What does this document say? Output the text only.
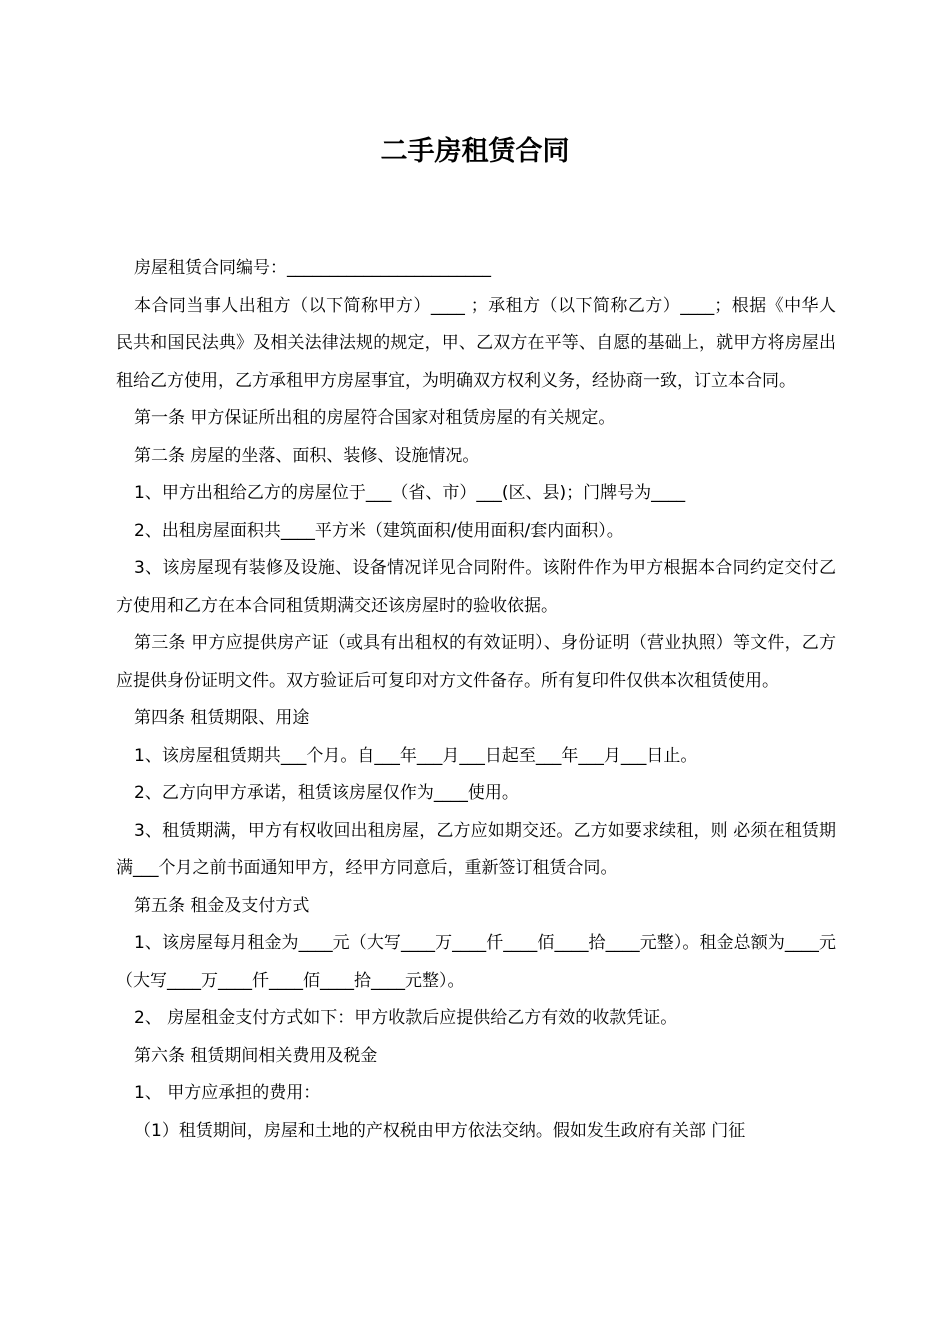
二手房租赁合同

房屋租赁合同编号：________________________

本合同当事人出租方（以下简称甲方）____ ；承租方（以下简称乙方）____；根据《中华人民共和国民法典》及相关法律法规的规定，甲、乙双方在平等、自愿的基础上，就甲方将房屋出租给乙方使用，乙方承租甲方房屋事宜，为明确双方权利义务，经协商一致，订立本合同。

第一条 甲方保证所出租的房屋符合国家对租赁房屋的有关规定。

第二条 房屋的坐落、面积、装修、设施情况。

1、甲方出租给乙方的房屋位于___（省、市）___(区、县)；门牌号为____

2、出租房屋面积共____平方米（建筑面积/使用面积/套内面积）。

3、该房屋现有装修及设施、设备情况详见合同附件。该附件作为甲方根据本合同约定交付乙方使用和乙方在本合同租赁期满交还该房屋时的验收依据。

第三条 甲方应提供房产证（或具有出租权的有效证明）、身份证明（营业执照）等文件，乙方应提供身份证明文件。双方验证后可复印对方文件备存。所有复印件仅供本次租赁使用。

第四条 租赁期限、用途

1、该房屋租赁期共___个月。自___年___月___日起至___年___月___日止。

2、乙方向甲方承诺，租赁该房屋仅作为____使用。

3、租赁期满，甲方有权收回出租房屋，乙方应如期交还。乙方如要求续租，则 必须在租赁期满___个月之前书面通知甲方，经甲方同意后，重新签订租赁合同。

第五条 租金及支付方式

1、该房屋每月租金为____元（大写____万____仟____佰____拾____元整）。租金总额为____元（大写____万____仟____佰____拾____元整）。

2、 房屋租金支付方式如下：甲方收款后应提供给乙方有效的收款凭证。

第六条 租赁期间相关费用及税金

1、 甲方应承担的费用：

（1）租赁期间，房屋和土地的产权税由甲方依法交纳。假如发生政府有关部 门征
